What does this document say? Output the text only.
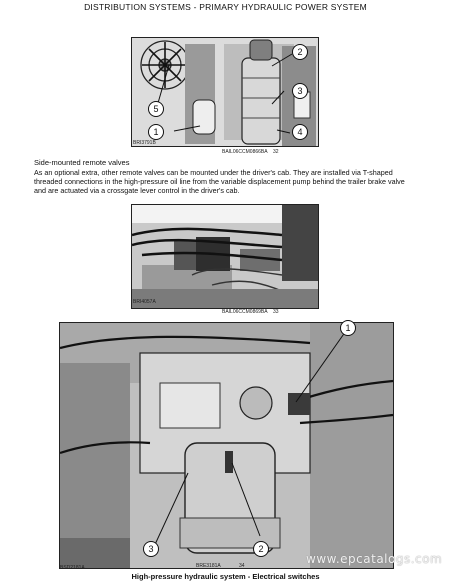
DISTRIBUTION SYSTEMS - PRIMARY HYDRAULIC POWER SYSTEM
BRI3791B
BAIL06CCM0866BA 32
1
2
3
4
5
Side-mounted remote valves
As an optional extra, other remote valves can be mounted under the driver's cab. They are installed via T-shaped threaded connections in the high-pressure oil line from the variable displacement pump behind the trailer brake valve and are actuated via a crossgate lever control in the driver's cab.
BRI4057A
BAIL06CCM0869BA 33
1
2
3
BSD2181A	BRE3181A	34	www.epcatalogs.com
High-pressure hydraulic system - Electrical switches
